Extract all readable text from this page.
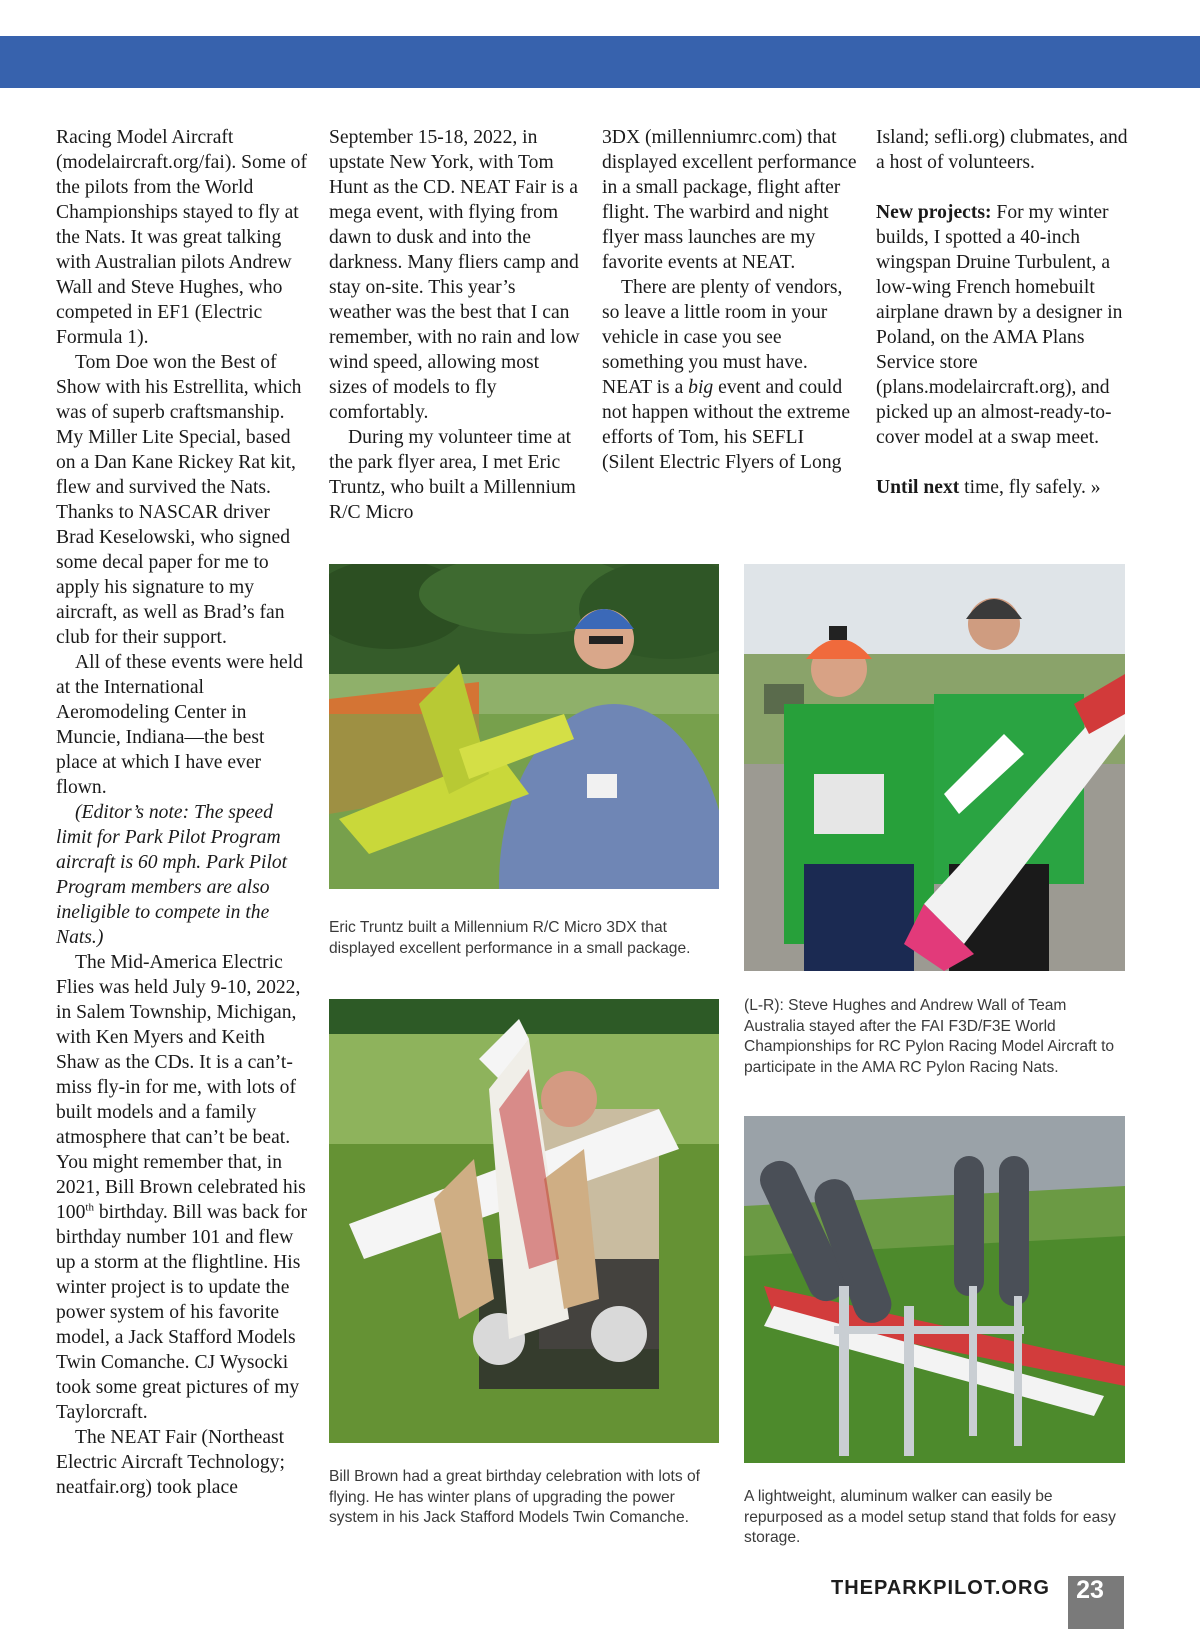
Racing Model Aircraft (modelaircraft.org/fai). Some of the pilots from the World Championships stayed to fly at the Nats. It was great talking with Australian pilots Andrew Wall and Steve Hughes, who competed in EF1 (Electric Formula 1).

Tom Doe won the Best of Show with his Estrellita, which was of superb craftsmanship. My Miller Lite Special, based on a Dan Kane Rickey Rat kit, flew and survived the Nats. Thanks to NASCAR driver Brad Keselowski, who signed some decal paper for me to apply his signature to my aircraft, as well as Brad’s fan club for their support.

All of these events were held at the International Aeromodeling Center in Muncie, Indiana—the best place at which I have ever flown.

(Editor’s note: The speed limit for Park Pilot Program aircraft is 60 mph. Park Pilot Program members are also ineligible to compete in the Nats.)

The Mid-America Electric Flies was held July 9-10, 2022, in Salem Township, Michigan, with Ken Myers and Keith Shaw as the CDs. It is a can’t-miss fly-in for me, with lots of built models and a family atmosphere that can’t be beat. You might remember that, in 2021, Bill Brown celebrated his 100th birthday. Bill was back for birthday number 101 and flew up a storm at the flightline. His winter project is to update the power system of his favorite model, a Jack Stafford Models Twin Comanche. CJ Wysocki took some great pictures of my Taylorcraft.

The NEAT Fair (Northeast Electric Aircraft Technology; neatfair.org) took place

September 15-18, 2022, in upstate New York, with Tom Hunt as the CD. NEAT Fair is a mega event, with flying from dawn to dusk and into the darkness. Many fliers camp and stay on-site. This year’s weather was the best that I can remember, with no rain and low wind speed, allowing most sizes of models to fly comfortably.

During my volunteer time at the park flyer area, I met Eric Truntz, who built a Millennium R/C Micro

3DX (millenniumrc.com) that displayed excellent performance in a small package, flight after flight. The warbird and night flyer mass launches are my favorite events at NEAT.

There are plenty of vendors, so leave a little room in your vehicle in case you see something you must have. NEAT is a big event and could not happen without the extreme efforts of Tom, his SEFLI (Silent Electric Flyers of Long

Island; sefli.org) clubmates, and a host of volunteers.

New projects: For my winter builds, I spotted a 40-inch wingspan Druine Turbulent, a low-wing French homebuilt airplane drawn by a designer in Poland, on the AMA Plans Service store (plans.modelaircraft.org), and picked up an almost-ready-to-cover model at a swap meet.

Until next time, fly safely. »

Eric Truntz built a Millennium R/C Micro 3DX that displayed excellent performance in a small package.
(L-R): Steve Hughes and Andrew Wall of Team Australia stayed after the FAI F3D/F3E World Championships for RC Pylon Racing Model Aircraft to participate in the AMA RC Pylon Racing Nats.
Bill Brown had a great birthday celebration with lots of flying. He has winter plans of upgrading the power system in his Jack Stafford Models Twin Comanche.
A lightweight, aluminum walker can easily be repurposed as a model setup stand that folds for easy storage.
THEPARKPILOT.ORG	23
